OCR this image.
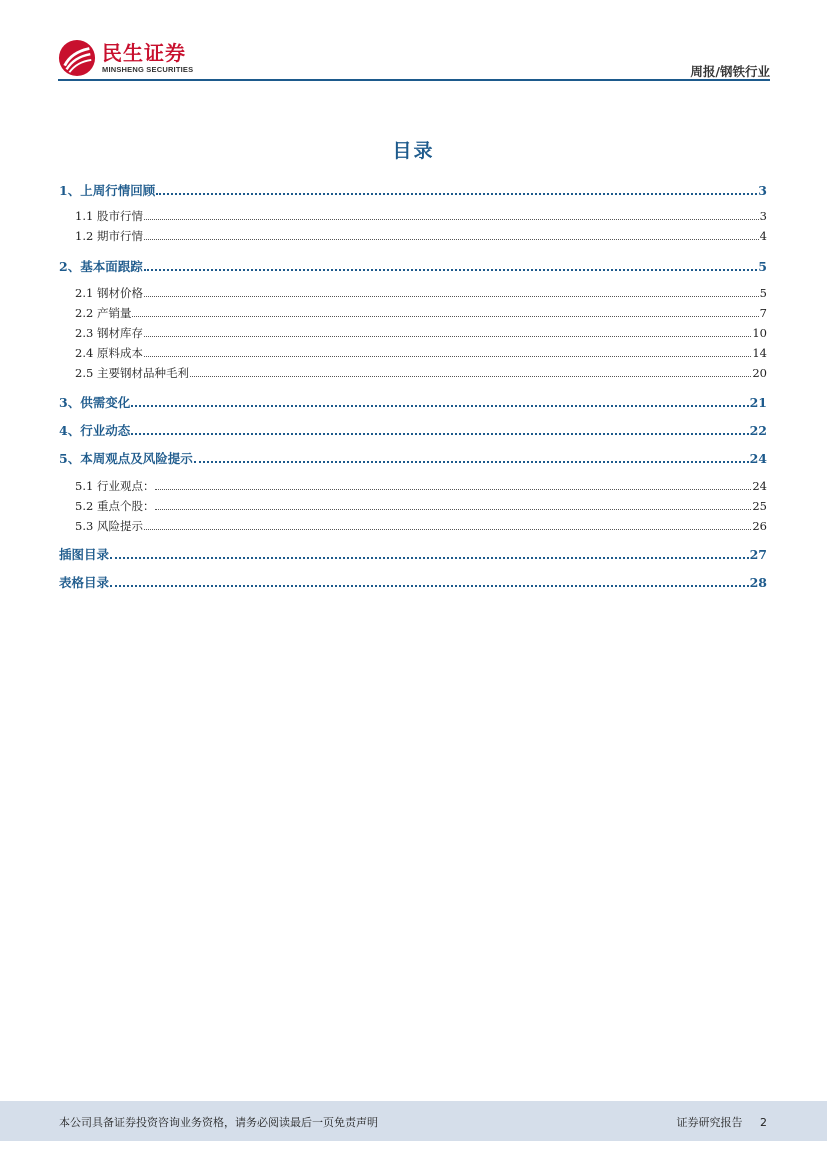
民生证券
MINSHENG SECURITIES	周报/钢铁行业
目录
1、上周行情回顾	3
1.1 股市行情	3
1.2 期市行情	4
2、基本面跟踪	5
2.1 钢材价格	5
2.2 产销量	7
2.3 钢材库存	10
2.4 原料成本	14
2.5 主要钢材品种毛利	20
3、供需变化	21
4、行业动态	22
5、本周观点及风险提示	24
5.1 行业观点：	24
5.2 重点个股：	25
5.3 风险提示	26
插图目录	27
表格目录	28
本公司具备证券投资咨询业务资格，请务必阅读最后一页免责声明	证券研究报告 2
